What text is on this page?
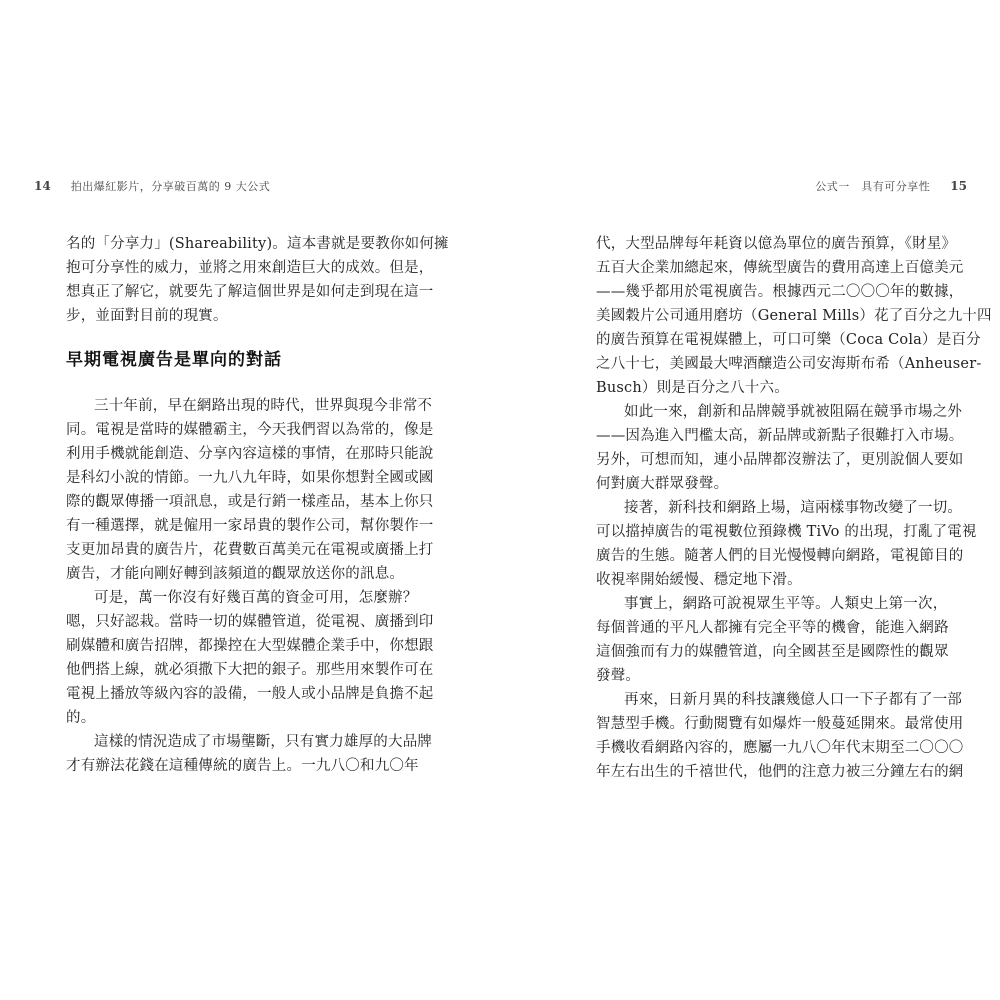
14 拍出爆紅影片，分享破百萬的 9 大公式
名的「分享力」(Shareability)。這本書就是要教你如何擁
抱可分享性的威力，並將之用來創造巨大的成效。但是，
想真正了解它，就要先了解這個世界是如何走到現在這一
步，並面對目前的現實。
早期電視廣告是單向的對話
三十年前，早在網路出現的時代，世界與現今非常不
同。電視是當時的媒體霸主，今天我們習以為常的，像是
利用手機就能創造、分享內容這樣的事情，在那時只能說
是科幻小說的情節。一九八九年時，如果你想對全國或國
際的觀眾傳播一項訊息，或是行銷一樣產品，基本上你只
有一種選擇，就是僱用一家昂貴的製作公司，幫你製作一
支更加昂貴的廣告片，花費數百萬美元在電視或廣播上打
廣告，才能向剛好轉到該頻道的觀眾放送你的訊息。
可是，萬一你沒有好幾百萬的資金可用，怎麼辦？
嗯，只好認栽。當時一切的媒體管道，從電視、廣播到印
刷媒體和廣告招牌，都操控在大型媒體企業手中，你想跟
他們搭上線，就必須撒下大把的銀子。那些用來製作可在
電視上播放等級內容的設備，一般人或小品牌是負擔不起
的。
這樣的情況造成了市場壟斷，只有實力雄厚的大品牌
才有辦法花錢在這種傳統的廣告上。一九八〇和九〇年
公式一　具有可分享性 15
代，大型品牌每年耗資以億為單位的廣告預算，《財星》
五百大企業加總起來，傳統型廣告的費用高達上百億美元
——幾乎都用於電視廣告。根據西元二〇〇〇年的數據，
美國穀片公司通用磨坊（General Mills）花了百分之九十四
的廣告預算在電視媒體上，可口可樂（Coca Cola）是百分
之八十七，美國最大啤酒釀造公司安海斯布希（Anheuser-
Busch）則是百分之八十六。
如此一來，創新和品牌競爭就被阻隔在競爭市場之外
——因為進入門檻太高，新品牌或新點子很難打入市場。
另外，可想而知，連小品牌都沒辦法了，更別說個人要如
何對廣大群眾發聲。
接著，新科技和網路上場，這兩樣事物改變了一切。
可以擋掉廣告的電視數位預錄機 TiVo 的出現，打亂了電視
廣告的生態。隨著人們的目光慢慢轉向網路，電視節目的
收視率開始緩慢、穩定地下滑。
事實上，網路可說視眾生平等。人類史上第一次，
每個普通的平凡人都擁有完全平等的機會，能進入網路
這個強而有力的媒體管道，向全國甚至是國際性的觀眾
發聲。
再來，日新月異的科技讓幾億人口一下子都有了一部
智慧型手機。行動閱覽有如爆炸一般蔓延開來。最常使用
手機收看網路內容的，應屬一九八〇年代末期至二〇〇〇
年左右出生的千禧世代，他們的注意力被三分鐘左右的網
